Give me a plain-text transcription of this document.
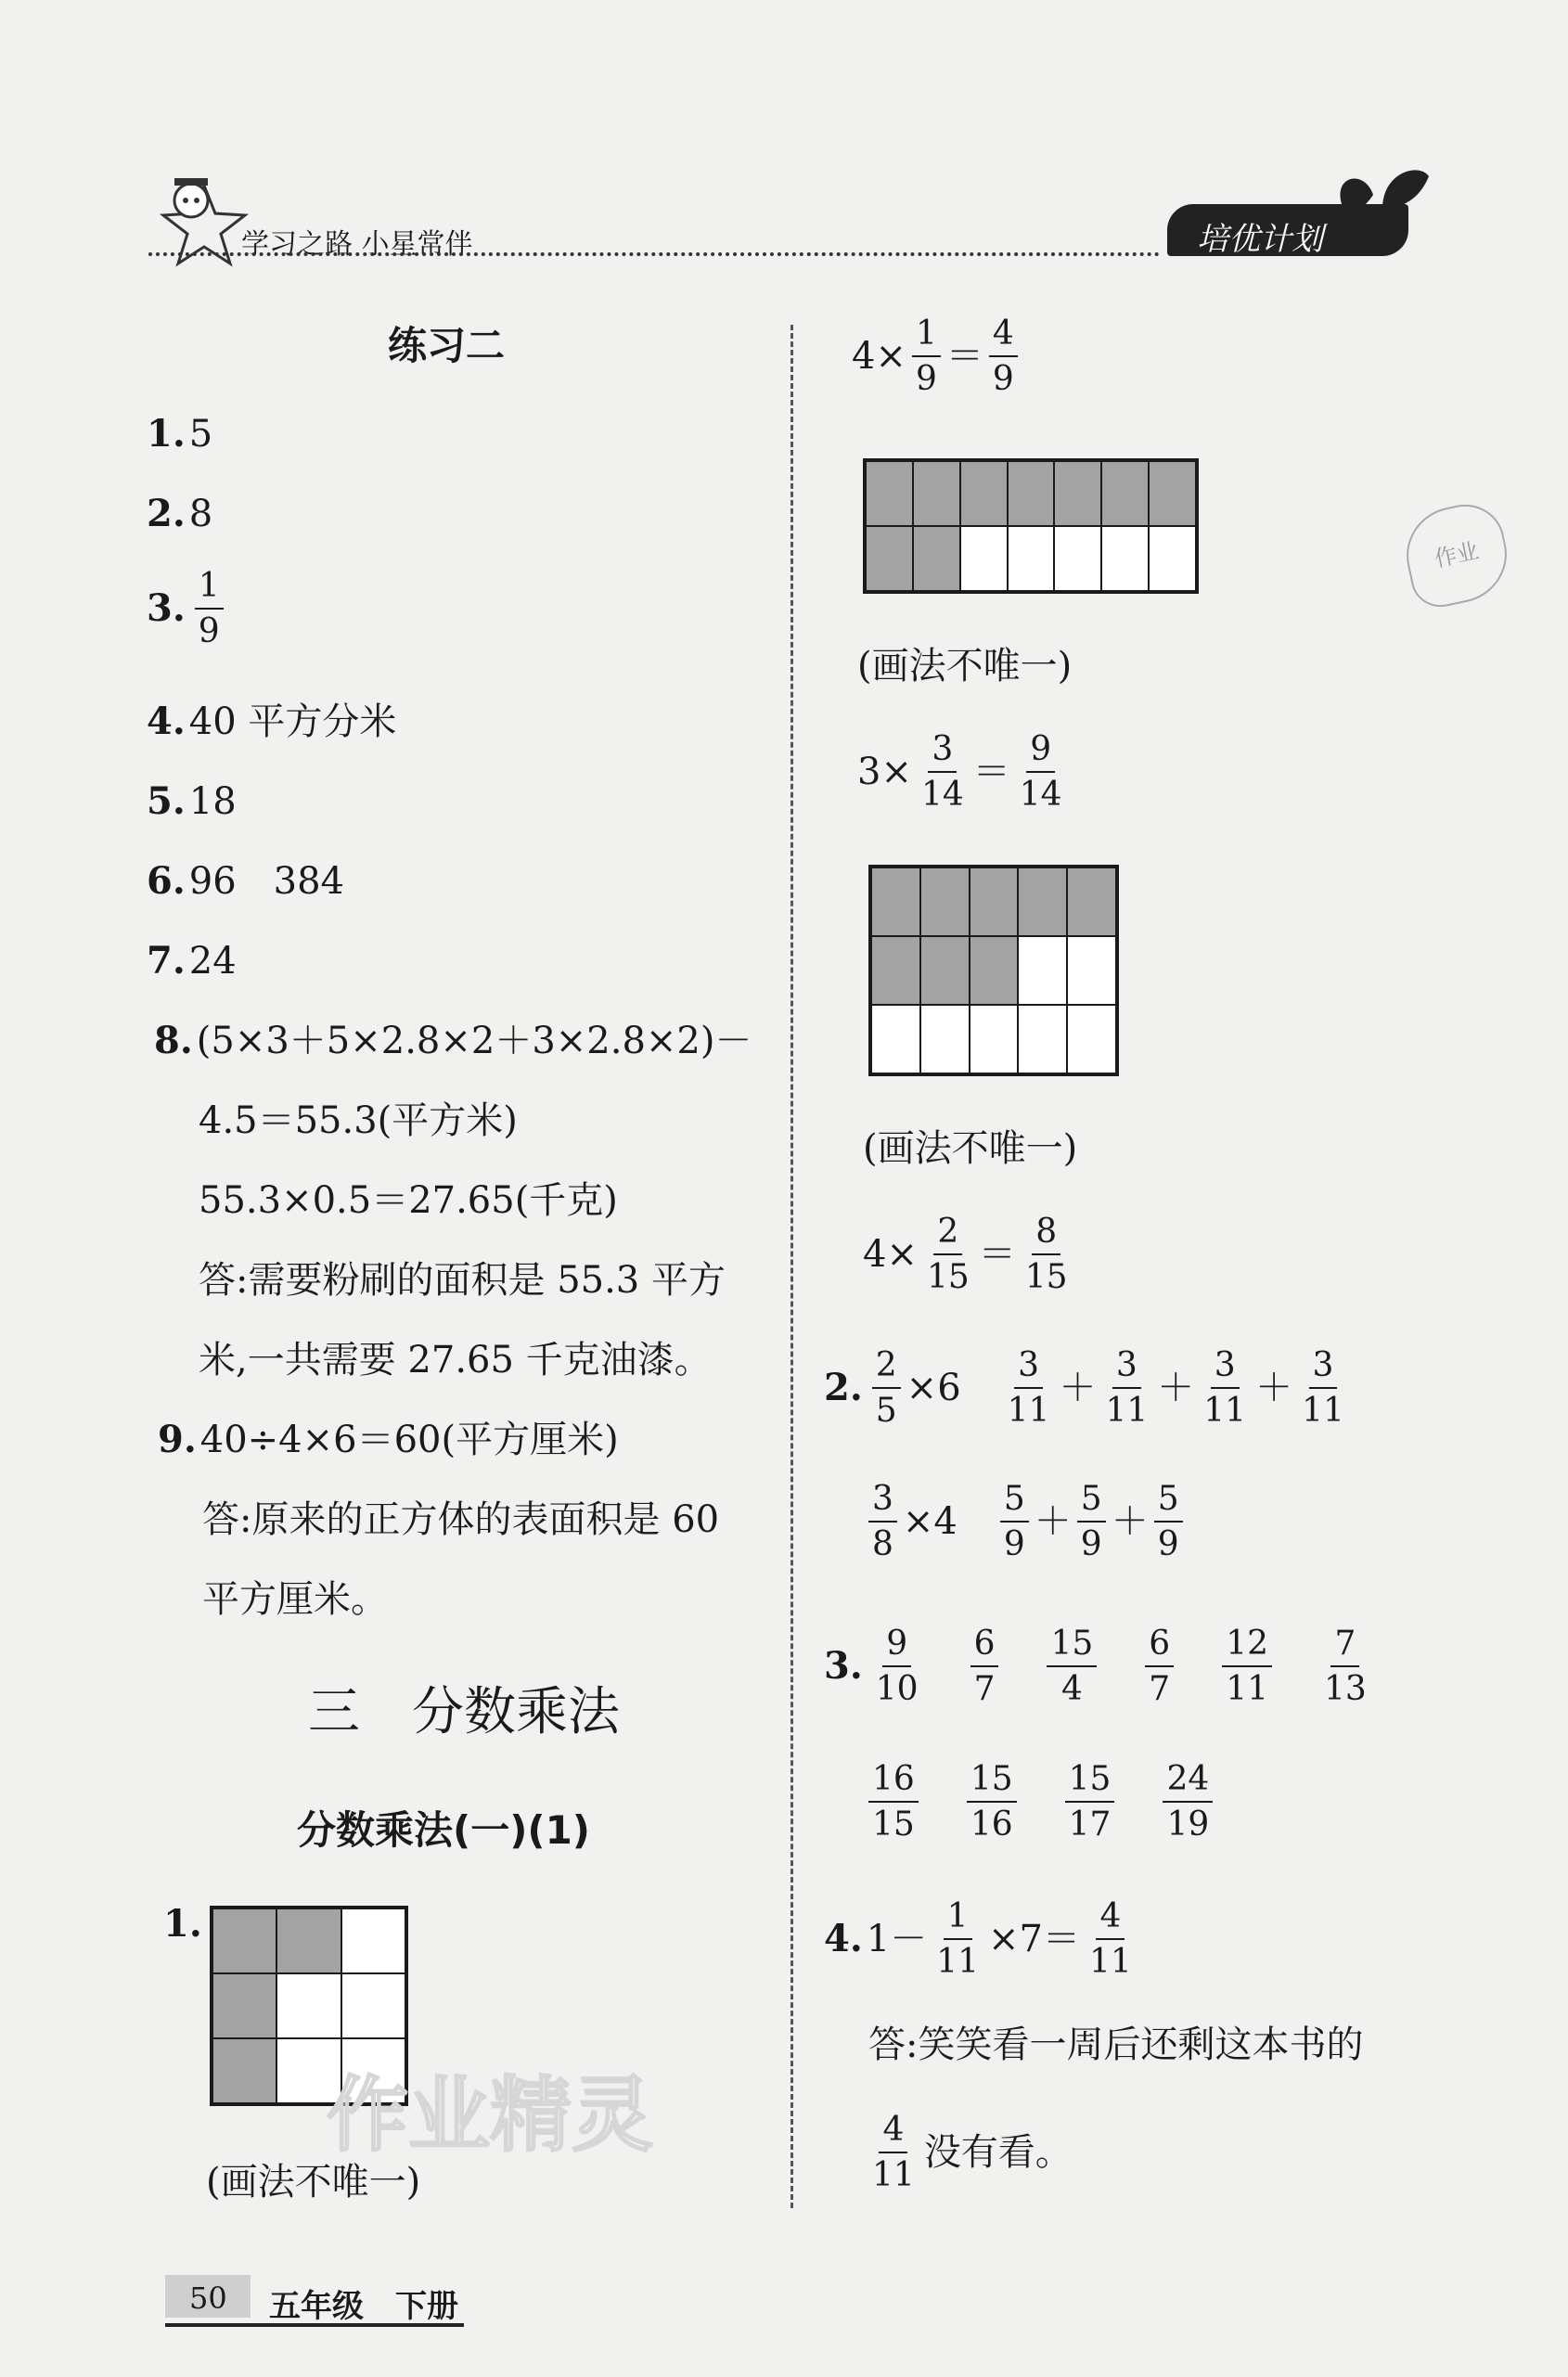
学习之路 小星常伴	培优计划
练习二
1. 5
2. 8
3. $\frac{1}{9}$
4. 40 平方分米
5. 18
6. 96　384
7. 24
8. (5×3＋5×2.8×2＋3×2.8×2)－
4.5＝55.3(平方米)
55.3×0.5＝27.65(千克)
答:需要粉刷的面积是 55.3 平方
米,一共需要 27.65 千克油漆。
9. 40÷4×6＝60(平方厘米)
答:原来的正方体的表面积是 60
平方厘米。
三　分数乘法
分数乘法(一)(1)
1.
(画法不唯一)
作业精灵
$4\times \frac{1}{9} = \frac{4}{9}$
(画法不唯一)
$3\times \frac{3}{14} = \frac{9}{14}$
(画法不唯一)
$4\times \frac{2}{15} = \frac{8}{15}$
2. $\frac{2}{5} \times 6 \frac{3}{11} + \frac{3}{11} + \frac{3}{11} + \frac{3}{11}$
$\frac{3}{8} \times 4 \frac{5}{9} + \frac{5}{9} + \frac{5}{9}$
3. $\frac{9}{10} \frac{6}{7} \frac{15}{4} \frac{6}{7} \frac{12}{11} \frac{7}{13}$
$\frac{16}{15} \frac{15}{16} \frac{15}{17} \frac{24}{19}$
4. $1- \frac{1}{11} \times 7= \frac{4}{11}$
答:笑笑看一周后还剩这本书的
$\frac{4}{11}$ 没有看。
作业
50 五年级 下册
